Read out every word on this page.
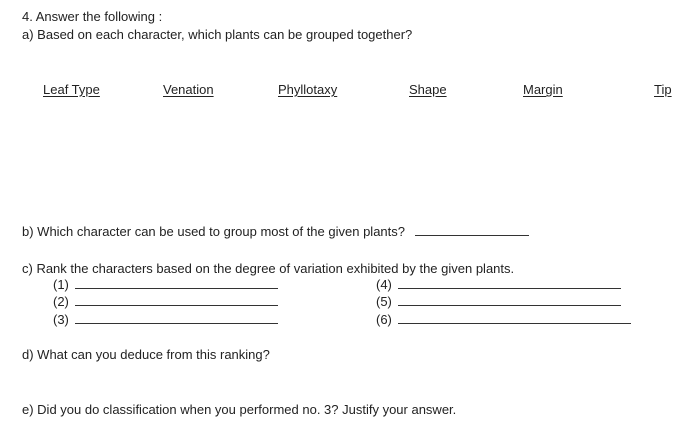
4. Answer the following :
a) Based on each character, which plants can be grouped together?
Leaf Type	Venation	Phyllotaxy	Shape	Margin	Tip
b) Which character can be used to group most of the given plants?
c) Rank the characters based on the degree of variation exhibited by the given plants.
(1)
(2)
(3)
(4)
(5)
(6)
d) What can you deduce from this ranking?
e) Did you do classification when you performed no. 3? Justify your answer.
